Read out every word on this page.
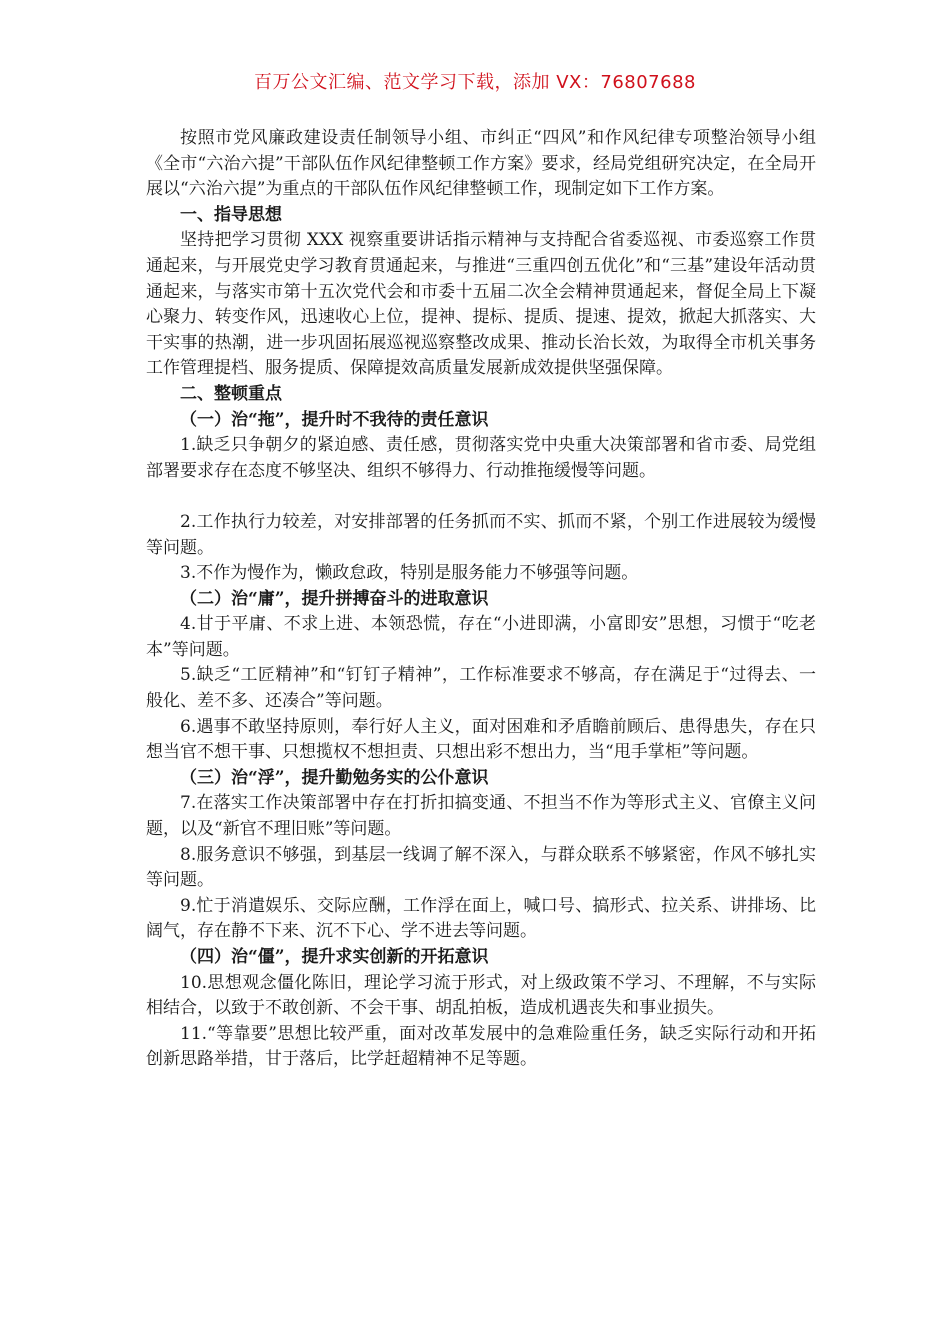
百万公文汇编、范文学习下载，添加 VX：76807688

按照市党风廉政建设责任制领导小组、市纠正“四风”和作风纪律专项整治领导小组《全市“六治六提”干部队伍作风纪律整顿工作方案》要求，经局党组研究决定，在全局开展以“六治六提”为重点的干部队伍作风纪律整顿工作，现制定如下工作方案。

一、指导思想

坚持把学习贯彻 XXX 视察重要讲话指示精神与支持配合省委巡视、市委巡察工作贯通起来，与开展党史学习教育贯通起来，与推进“三重四创五优化”和“三基”建设年活动贯通起来，与落实市第十五次党代会和市委十五届二次全会精神贯通起来，督促全局上下凝心聚力、转变作风，迅速收心上位，提神、提标、提质、提速、提效，掀起大抓落实、大干实事的热潮，进一步巩固拓展巡视巡察整改成果、推动长治长效，为取得全市机关事务工作管理提档、服务提质、保障提效高质量发展新成效提供坚强保障。

二、整顿重点

（一）治“拖”，提升时不我待的责任意识

1.缺乏只争朝夕的紧迫感、责任感，贯彻落实党中央重大决策部署和省市委、局党组部署要求存在态度不够坚决、组织不够得力、行动推拖缓慢等问题。

2.工作执行力较差，对安排部署的任务抓而不实、抓而不紧，个别工作进展较为缓慢等问题。

3.不作为慢作为，懒政怠政，特别是服务能力不够强等问题。

（二）治“庸”，提升拼搏奋斗的进取意识

4.甘于平庸、不求上进、本领恐慌，存在“小进即满，小富即安”思想，习惯于“吃老本”等问题。

5.缺乏“工匠精神”和“钉钉子精神”，工作标准要求不够高，存在满足于“过得去、一般化、差不多、还凑合”等问题。

6.遇事不敢坚持原则，奉行好人主义，面对困难和矛盾瞻前顾后、患得患失，存在只想当官不想干事、只想揽权不想担责、只想出彩不想出力，当“甩手掌柜”等问题。

（三）治“浮”，提升勤勉务实的公仆意识

7.在落实工作决策部署中存在打折扣搞变通、不担当不作为等形式主义、官僚主义问题，以及“新官不理旧账”等问题。

8.服务意识不够强，到基层一线调了解不深入，与群众联系不够紧密，作风不够扎实等问题。

9.忙于消遣娱乐、交际应酬，工作浮在面上，喊口号、搞形式、拉关系、讲排场、比阔气，存在静不下来、沉不下心、学不进去等问题。

（四）治“僵”，提升求实创新的开拓意识

10.思想观念僵化陈旧，理论学习流于形式，对上级政策不学习、不理解，不与实际相结合，以致于不敢创新、不会干事、胡乱拍板，造成机遇丧失和事业损失。

11.“等靠要”思想比较严重，面对改革发展中的急难险重任务，缺乏实际行动和开拓创新思路举措，甘于落后，比学赶超精神不足等题。
